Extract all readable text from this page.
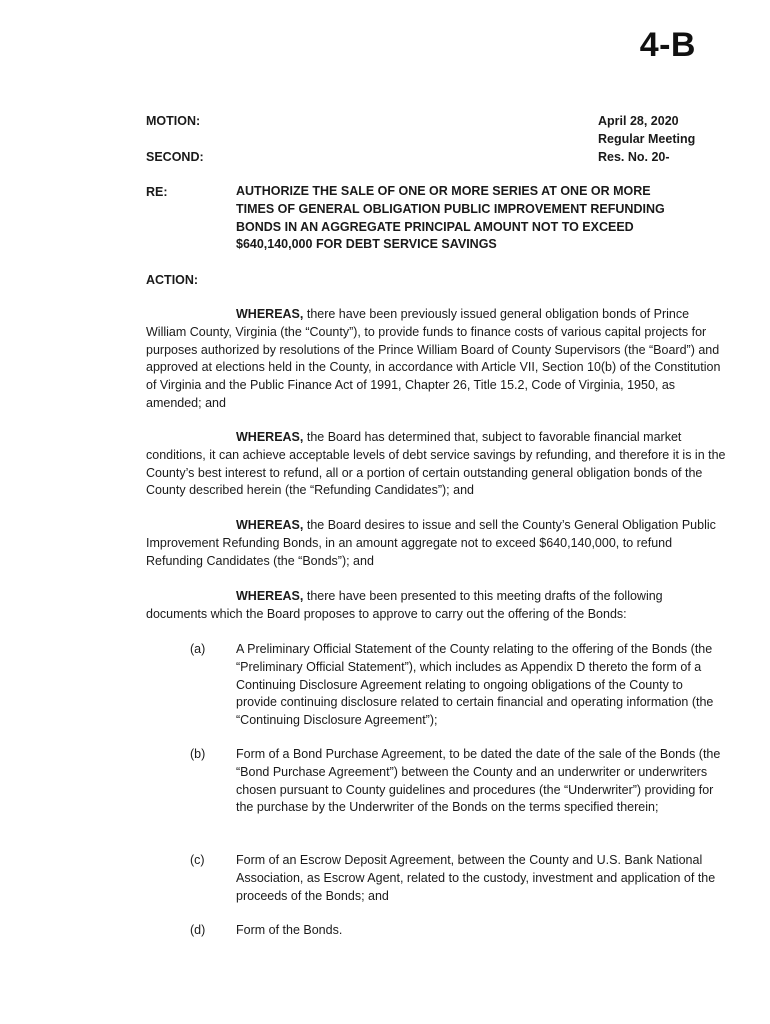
4-B
MOTION:
SECOND:
April 28, 2020
Regular Meeting
Res. No. 20-
RE:	AUTHORIZE THE SALE OF ONE OR MORE SERIES AT ONE OR MORE TIMES OF GENERAL OBLIGATION PUBLIC IMPROVEMENT REFUNDING BONDS IN AN AGGREGATE PRINCIPAL AMOUNT NOT TO EXCEED $640,140,000 FOR DEBT SERVICE SAVINGS
ACTION:
WHEREAS, there have been previously issued general obligation bonds of Prince William County, Virginia (the “County”), to provide funds to finance costs of various capital projects for purposes authorized by resolutions of the Prince William Board of County Supervisors (the “Board”) and approved at elections held in the County, in accordance with Article VII, Section 10(b) of the Constitution of Virginia and the Public Finance Act of 1991, Chapter 26, Title 15.2, Code of Virginia, 1950, as amended; and
WHEREAS, the Board has determined that, subject to favorable financial market conditions, it can achieve acceptable levels of debt service savings by refunding, and therefore it is in the County’s best interest to refund, all or a portion of certain outstanding general obligation bonds of the County described herein (the “Refunding Candidates”); and
WHEREAS, the Board desires to issue and sell the County’s General Obligation Public Improvement Refunding Bonds, in an amount aggregate not to exceed $640,140,000, to refund Refunding Candidates (the “Bonds”); and
WHEREAS, there have been presented to this meeting drafts of the following documents which the Board proposes to approve to carry out the offering of the Bonds:
(a) A Preliminary Official Statement of the County relating to the offering of the Bonds (the “Preliminary Official Statement”), which includes as Appendix D thereto the form of a Continuing Disclosure Agreement relating to ongoing obligations of the County to provide continuing disclosure related to certain financial and operating information (the “Continuing Disclosure Agreement”);
(b) Form of a Bond Purchase Agreement, to be dated the date of the sale of the Bonds (the “Bond Purchase Agreement”) between the County and an underwriter or underwriters chosen pursuant to County guidelines and procedures (the “Underwriter”) providing for the purchase by the Underwriter of the Bonds on the terms specified therein;
(c)	Form of an Escrow Deposit Agreement, between the County and U.S. Bank National Association, as Escrow Agent, related to the custody, investment and application of the proceeds of the Bonds; and
(d) Form of the Bonds.
